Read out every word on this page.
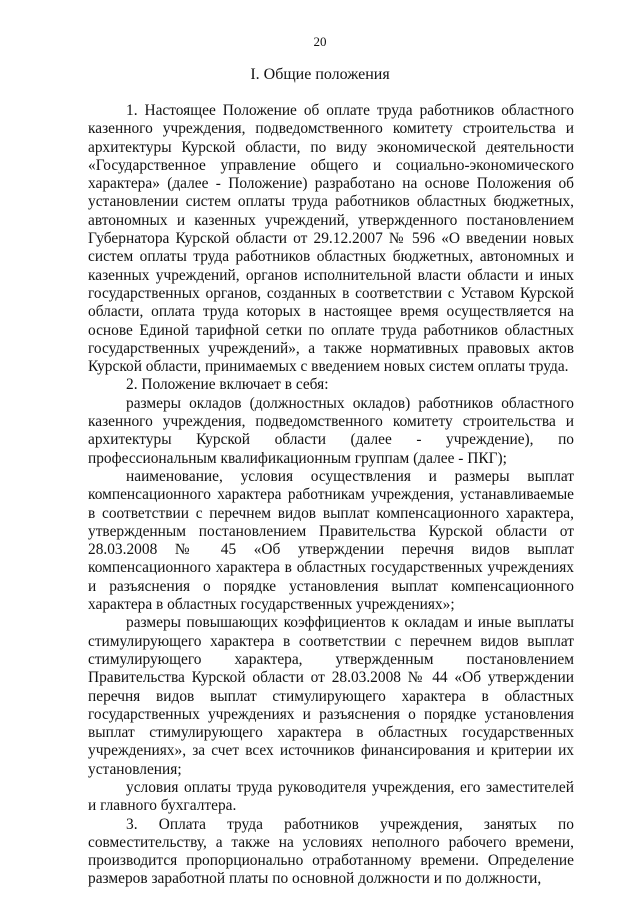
20
I. Общие положения

1. Настоящее Положение об оплате труда работников областного казенного учреждения, подведомственного комитету строительства и архитектуры Курской области, по виду экономической деятельности «Государственное управление общего и социально-экономического характера» (далее - Положение) разработано на основе Положения об установлении систем оплаты труда работников областных бюджетных, автономных и казенных учреждений, утвержденного постановлением Губернатора Курской области от 29.12.2007 № 596 «О введении новых систем оплаты труда работников областных бюджетных, автономных и казенных учреждений, органов исполнительной власти области и иных государственных органов, созданных в соответствии с Уставом Курской области, оплата труда которых в настоящее время осуществляется на основе Единой тарифной сетки по оплате труда работников областных государственных учреждений», а также нормативных правовых актов Курской области, принимаемых с введением новых систем оплаты труда.

2. Положение включает в себя:

размеры окладов (должностных окладов) работников областного казенного учреждения, подведомственного комитету строительства и архитектуры Курской области (далее - учреждение), по профессиональным квалификационным группам (далее - ПКГ);

наименование, условия осуществления и размеры выплат компенсационного характера работникам учреждения, устанавливаемые в соответствии с перечнем видов выплат компенсационного характера, утвержденным постановлением Правительства Курской области от 28.03.2008 № 45 «Об утверждении перечня видов выплат компенсационного характера в областных государственных учреждениях и разъяснения о порядке установления выплат компенсационного характера в областных государственных учреждениях»;

размеры повышающих коэффициентов к окладам и иные выплаты стимулирующего характера в соответствии с перечнем видов выплат стимулирующего характера, утвержденным постановлением Правительства Курской области от 28.03.2008 № 44 «Об утверждении перечня видов выплат стимулирующего характера в областных государственных учреждениях и разъяснения о порядке установления выплат стимулирующего характера в областных государственных учреждениях», за счет всех источников финансирования и критерии их установления;

условия оплаты труда руководителя учреждения, его заместителей и главного бухгалтера.

3. Оплата труда работников учреждения, занятых по совместительству, а также на условиях неполного рабочего времени, производится пропорционально отработанному времени. Определение размеров заработной платы по основной должности и по должности,
